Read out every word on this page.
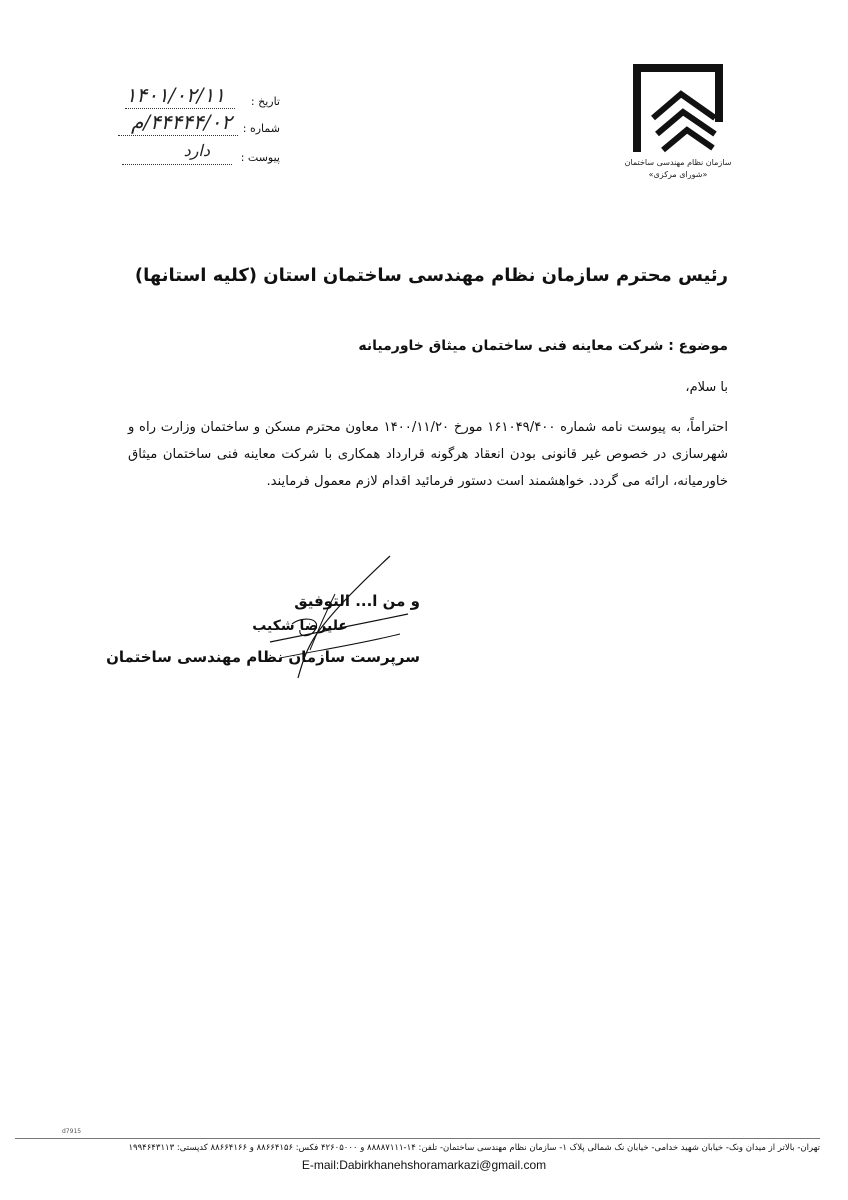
سازمان نظام مهندسی ساختمان
«شورای مرکزی»
تاریخ :
۱۴۰۱/۰۲/۱۱
شماره :
۴۴۴۴۴/۰۲/م
پیوست :
دارد
رئیس محترم سازمان نظام مهندسی ساختمان استان (کلیه استانها)
موضوع : شرکت معاینه فنی ساختمان میثاق خاورمیانه
با سلام،
احتراماً، به پیوست نامه شماره ۱۶۱۰۴۹/۴۰۰ مورخ ۱۴۰۰/۱۱/۲۰ معاون محترم مسکن و ساختمان وزارت راه و شهرسازی در خصوص غیر قانونی بودن انعقاد هرگونه قرارداد همکاری با شرکت معاینه فنی ساختمان میثاق خاورمیانه، ارائه می گردد. خواهشمند است دستور فرمائید اقدام لازم معمول فرمایند.
و من ا... التوفیق
علیرضا شکیب
سرپرست سازمان نظام مهندسی ساختمان
d7915
تهران- بالاتر از میدان ونک- خیابان شهید خدامی- خیابان نک شمالی پلاک ۱- سازمان نظام مهندسی ساختمان- تلفن: ۱۴-۸۸۸۸۷۱۱۱ و ۴۲۶۰۵۰۰۰ فکس: ۸۸۶۶۴۱۵۶ و ۸۸۶۶۴۱۶۶ کدپستی: ۱۹۹۴۶۴۳۱۱۳
E-mail:Dabirkhanehshoramarkazi@gmail.com
